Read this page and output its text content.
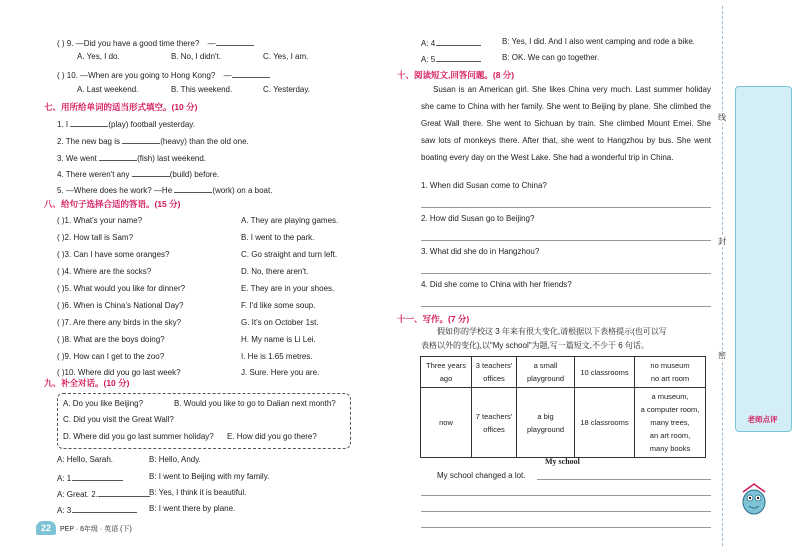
( ) 9. —Did you have a good time there? —
A. Yes, I do.	B. No, I didn't.	C. Yes, I am.
( ) 10. —When are you going to Hong Kong? —
A. Last weekend.	B. This weekend.	C. Yesterday.
七、用所给单词的适当形式填空。(10 分)
1. I	(play) football yesterday.
2. The new bag is	(heavy) than the old one.
3. We went	(fish) last weekend.
4. There weren't any	(build) before.
5. —Where does he work? —He	(work) on a boat.
八、给句子选择合适的答语。(15 分)
( )1. What's your name?	A. They are playing games.
( )2. How tall is Sam?	B. I went to the park.
( )3. Can I have some oranges?	C. Go straight and turn left.
( )4. Where are the socks?	D. No, there aren't.
( )5. What would you like for dinner?	E. They are in your shoes.
( )6. When is China's National Day?	F. I'd like some soup.
( )7. Are there any birds in the sky?	G. It's on October 1st.
( )8. What are the boys doing?	H. My name is Li Lei.
( )9. How can I get to the zoo?	I. He is 1.65 metres.
( )10. Where did you go last week?	J. Sure. Here you are.
九、补全对话。(10 分)
A. Do you like Beijing?	B. Would you like to go to Dalian next month?
C. Did you visit the Great Wall?
D. Where did you go last summer holiday? E. How did you go there?
A: Hello, Sarah.	B: Hello, Andy.
A: 1.	B: I went to Beijing with my family.
A: Great. 2.	B: Yes, I think it is beautiful.
A: 3.	B: I went there by plane.
22	PEP · 6年级 · 英语 (下)
A: 4.	B: Yes, I did. And I also went camping and rode a bike.
A: 5.	B: OK. We can go together.
十、阅读短文,回答问题。(8 分)
Susan is an American girl. She likes China very much. Last summer holiday she came to China with her family. She went to Beijing by plane. She climbed the Great Wall there. She went to Sichuan by train. She climbed Mount Emei. She saw lots of monkeys there. After that, she went to Hangzhou by bus. She went boating every day on the West Lake. She had a wonderful trip in China.
1. When did Susan come to China?
2. How did Susan go to Beijing?
3. What did she do in Hangzhou?
4. Did she come to China with her friends?
十一、写作。(7 分)
假如你的学校这 3 年来有很大变化,请根据以下表格提示(也可以写
表格以外的变化),以"My school"为题,写一篇短文,不少于 6 句话。
Three years ago	3 teachers' offices	a small playground	10 classrooms	no museum
no art room

now	7 teachers' offices	a big playground	18 classrooms	a museum,
a computer room,
many trees,
an art room,
many books
My school
My school changed a lot.
线
封
密
老师点评
